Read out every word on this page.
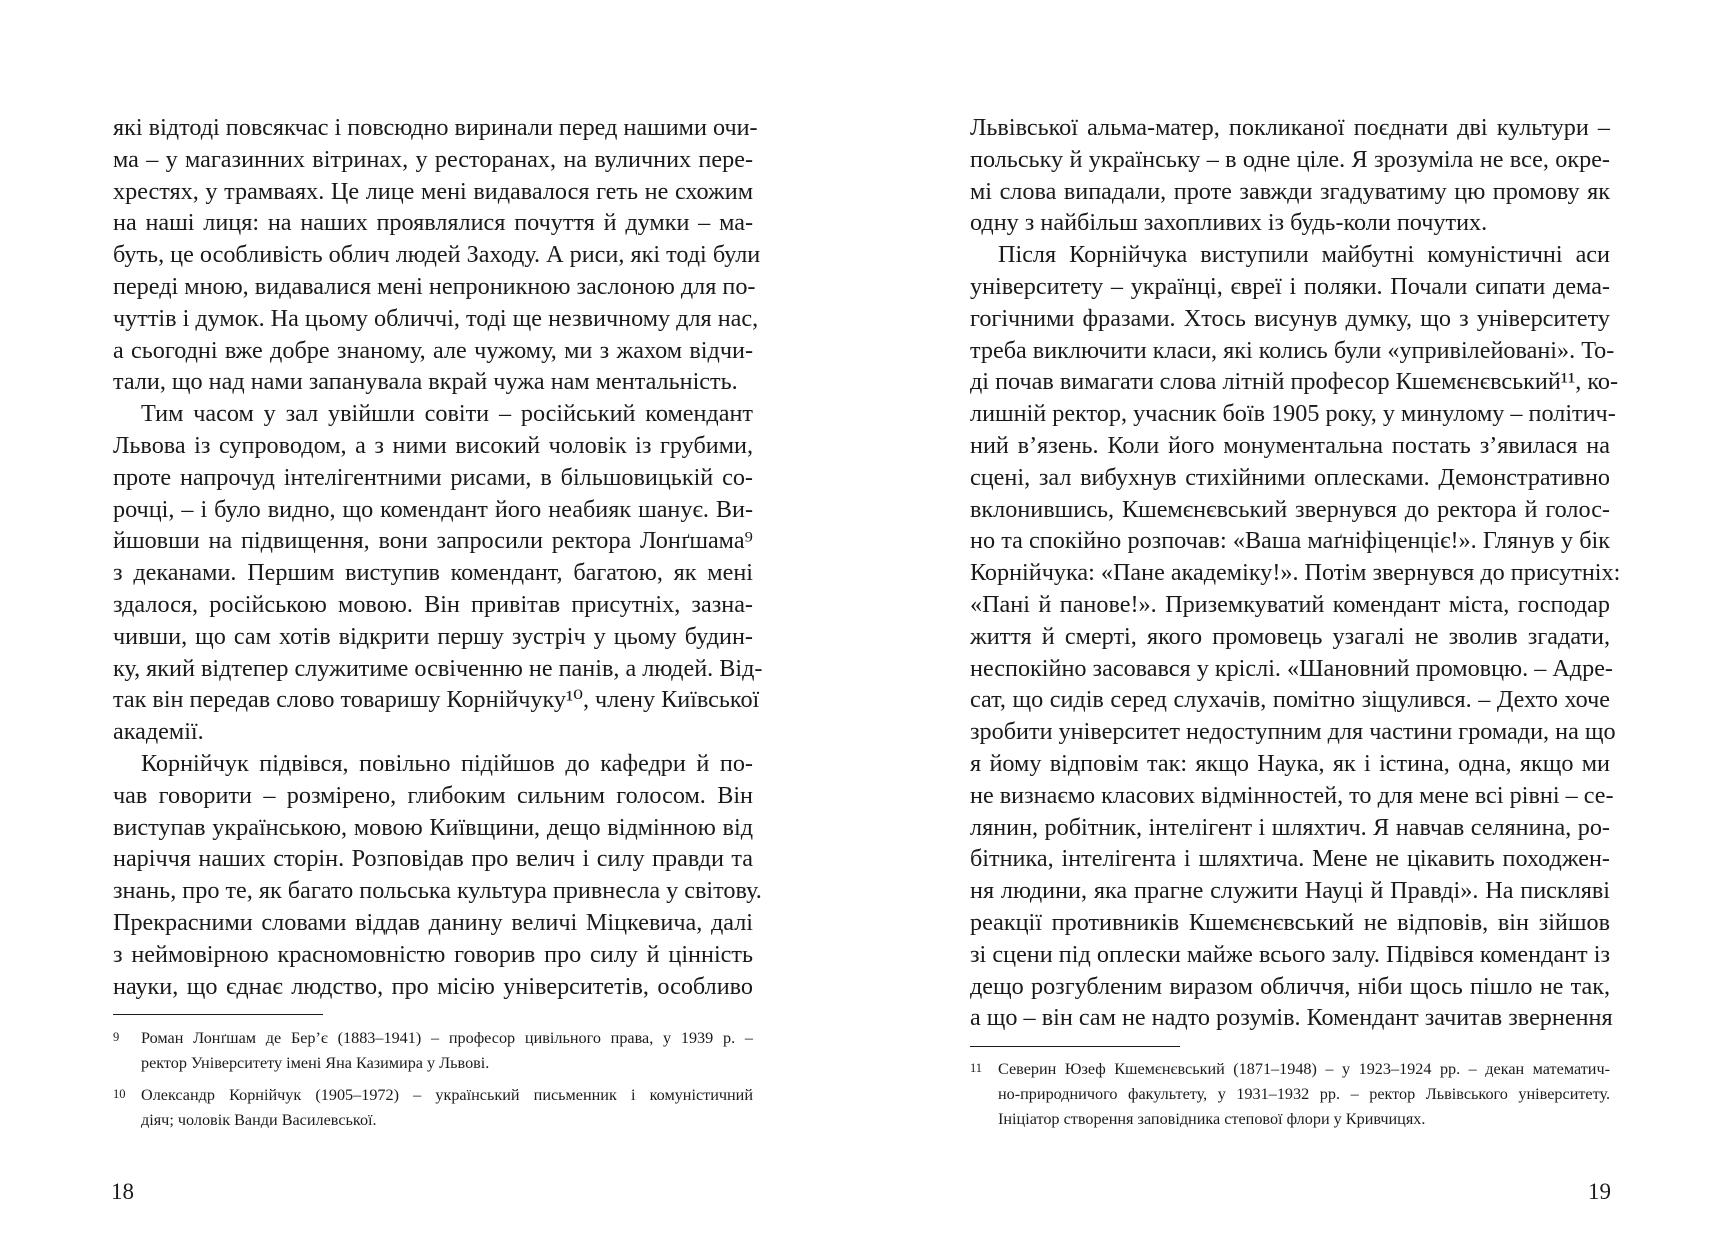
які відтоді повсякчас і повсюдно виринали перед нашими очи-
ма – у магазинних вітринах, у ресторанах, на вуличних пере-
хрестях, у трамваях. Це лице мені видавалося геть не схожим
на наші лиця: на наших проявлялися почуття й думки – ма-
буть, це особливість облич людей Заходу. А риси, які тоді були
переді мною, видавалися мені непроникною заслоною для по-
чуттів і думок. На цьому обличчі, тоді ще незвичному для нас,
а сьогодні вже добре знаному, але чужому, ми з жахом відчи-
тали, що над нами запанувала вкрай чужа нам ментальність.
Тим часом у зал увійшли совіти – російський комендант
Львова із супроводом, а з ними високий чоловік із грубими,
проте напрочуд інтелігентними рисами, в більшовицькій со-
рочці, – і було видно, що комендант його неабияк шанує. Ви-
йшовши на підвищення, вони запросили ректора Лонґшама⁹
з деканами. Першим виступив комендант, багатою, як мені
здалося, російською мовою. Він привітав присутніх, зазна-
чивши, що сам хотів відкрити першу зустріч у цьому будин-
ку, який відтепер служитиме освіченню не панів, а людей. Від-
так він передав слово товаришу Корнійчуку¹⁰, члену Київської
академії.
Корнійчук підвівся, повільно підійшов до кафедри й по-
чав говорити – розмірено, глибоким сильним голосом. Він
виступав українською, мовою Київщини, дещо відмінною від
наріччя наших сторін. Розповідав про велич і силу правди та
знань, про те, як багато польська культура привнесла у світову.
Прекрасними словами віддав данину величі Міцкевича, далі
з неймовірною красномовністю говорив про силу й цінність
науки, що єднає людство, про місію університетів, особливо
9 Роман Лонґшам де Бер’є (1883–1941) – професор цивільного права, у 1939 р. –
ректор Університету імені Яна Казимира у Львові.
10 Олександр Корнійчук (1905–1972) – український письменник і комуністичний
діяч; чоловік Ванди Василевської.
18
Львівської альма-матер, покликаної поєднати дві культури –
польську й українську – в одне ціле. Я зрозуміла не все, окре-
мі слова випадали, проте завжди згадуватиму цю промову як
одну з найбільш захопливих із будь-коли почутих.
Після Корнійчука виступили майбутні комуністичні аси
університету – українці, євреї і поляки. Почали сипати дема-
гогічними фразами. Хтось висунув думку, що з університету
треба виключити класи, які колись були «упривілейовані». То-
ді почав вимагати слова літній професор Кшемєнєвський¹¹, ко-
лишній ректор, учасник боїв 1905 року, у минулому – політич-
ний в’язень. Коли його монументальна постать з’явилася на
сцені, зал вибухнув стихійними оплесками. Демонстративно
вклонившись, Кшемєнєвський звернувся до ректора й голос-
но та спокійно розпочав: «Ваша маґніфіценціє!». Глянув у бік
Корнійчука: «Пане академіку!». Потім звернувся до присутніх:
«Пані й панове!». Приземкуватий комендант міста, господар
життя й смерті, якого промовець узагалі не зволив згадати,
неспокійно засовався у кріслі. «Шановний промовцю. – Адре-
сат, що сидів серед слухачів, помітно зіщулився. – Дехто хоче
зробити університет недоступним для частини громади, на що
я йому відповім так: якщо Наука, як і істина, одна, якщо ми
не визнаємо класових відмінностей, то для мене всі рівні – се-
лянин, робітник, інтелігент і шляхтич. Я навчав селянина, ро-
бітника, інтелігента і шляхтича. Мене не цікавить походжен-
ня людини, яка прагне служити Науці й Правді». На пискляві
реакції противників Кшемєнєвський не відповів, він зійшов
зі сцени під оплески майже всього залу. Підвівся комендант із
дещо розгубленим виразом обличчя, ніби щось пішло не так,
а що – він сам не надто розумів. Комендант зачитав звернення
11 Северин Юзеф Кшемєнєвський (1871–1948) – у 1923–1924 рр. – декан математич-
но-природничого факультету, у 1931–1932 рр. – ректор Львівського університету.
Ініціатор створення заповідника степової флори у Кривчицях.
19
